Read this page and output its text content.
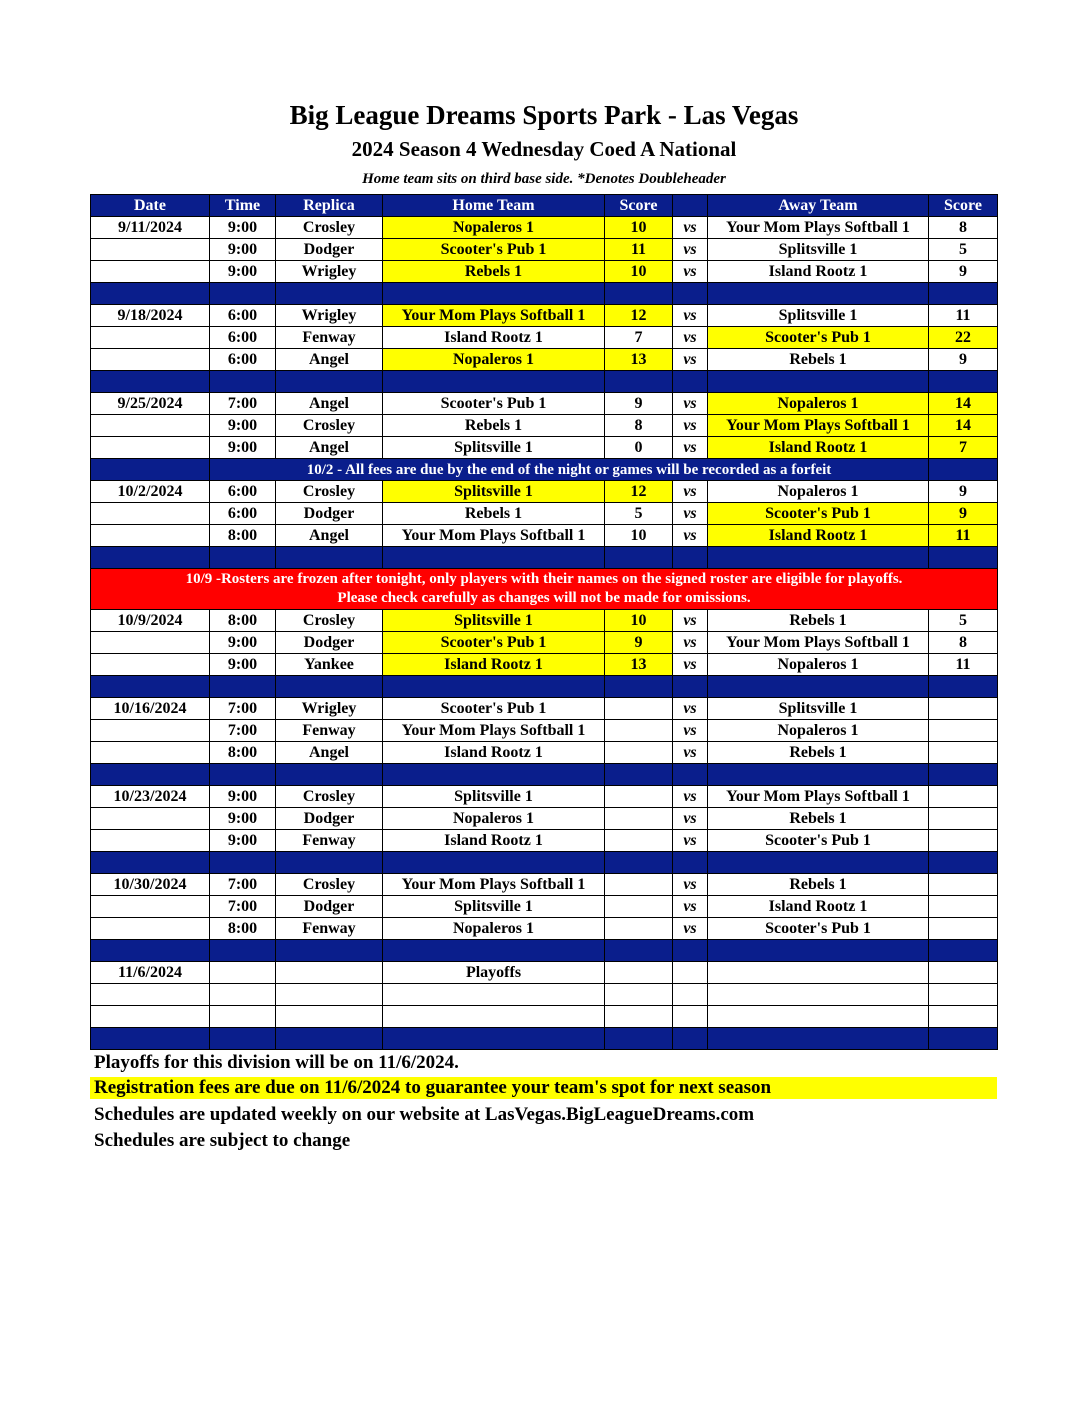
Big League Dreams Sports Park - Las Vegas
2024 Season 4 Wednesday Coed A National
Home team sits on third base side. *Denotes Doubleheader
Date	Time	Replica	Home Team	Score		Away Team	Score
9/11/2024	9:00	Crosley	Nopaleros 1	10	vs	Your Mom Plays Softball 1	8
	9:00	Dodger	Scooter's Pub 1	11	vs	Splitsville 1	5
	9:00	Wrigley	Rebels 1	10	vs	Island Rootz 1	9

9/18/2024	6:00	Wrigley	Your Mom Plays Softball 1	12	vs	Splitsville 1	11
	6:00	Fenway	Island Rootz 1	7	vs	Scooter's Pub 1	22
	6:00	Angel	Nopaleros 1	13	vs	Rebels 1	9

9/25/2024	7:00	Angel	Scooter's Pub 1	9	vs	Nopaleros 1	14
	9:00	Crosley	Rebels 1	8	vs	Your Mom Plays Softball 1	14
	9:00	Angel	Splitsville 1	0	vs	Island Rootz 1	7
	10/2 - All fees are due by the end of the night or games will be recorded as a forfeit						
10/2/2024	6:00	Crosley	Splitsville 1	12	vs	Nopaleros 1	9
	6:00	Dodger	Rebels 1	5	vs	Scooter's Pub 1	9
	8:00	Angel	Your Mom Plays Softball 1	10	vs	Island Rootz 1	11

10/9 -Rosters are frozen after tonight, only players with their names on the signed roster are eligible for playoffs.
Please check carefully as changes will not be made for omissions.							

10/9/2024	8:00	Crosley	Splitsville 1	10	vs	Rebels 1	5
	9:00	Dodger	Scooter's Pub 1	9	vs	Your Mom Plays Softball 1	8
	9:00	Yankee	Island Rootz 1	13	vs	Nopaleros 1	11

10/16/2024	7:00	Wrigley	Scooter's Pub 1		vs	Splitsville 1	
	7:00	Fenway	Your Mom Plays Softball 1		vs	Nopaleros 1	
	8:00	Angel	Island Rootz 1		vs	Rebels 1	

10/23/2024	9:00	Crosley	Splitsville 1		vs	Your Mom Plays Softball 1	
	9:00	Dodger	Nopaleros 1		vs	Rebels 1	
	9:00	Fenway	Island Rootz 1		vs	Scooter's Pub 1	

10/30/2024	7:00	Crosley	Your Mom Plays Softball 1		vs	Rebels 1	
	7:00	Dodger	Splitsville 1		vs	Island Rootz 1	
	8:00	Fenway	Nopaleros 1		vs	Scooter's Pub 1	

11/6/2024			Playoffs				

Playoffs for this division will be on 11/6/2024.
Registration fees are due on 11/6/2024 to guarantee your team's spot for next season
Schedules are updated weekly on our website at LasVegas.BigLeagueDreams.com
Schedules are subject to change
